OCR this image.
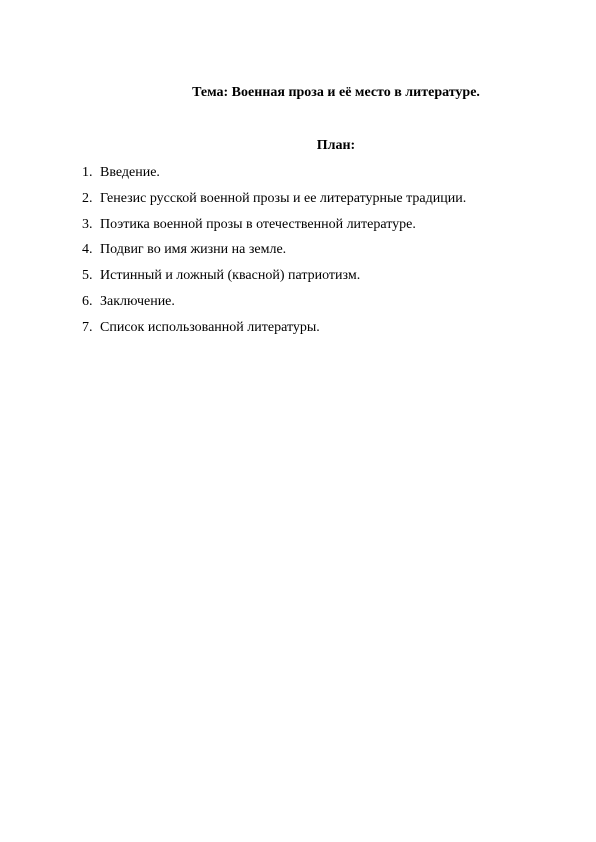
Тема: Военная проза и её место в литературе.
План:
1. Введение.
2. Генезис русской военной прозы и ее литературные традиции.
3. Поэтика военной прозы в отечественной литературе.
4. Подвиг во имя жизни на земле.
5. Истинный и ложный (квасной) патриотизм.
6. Заключение.
7. Список использованной литературы.
